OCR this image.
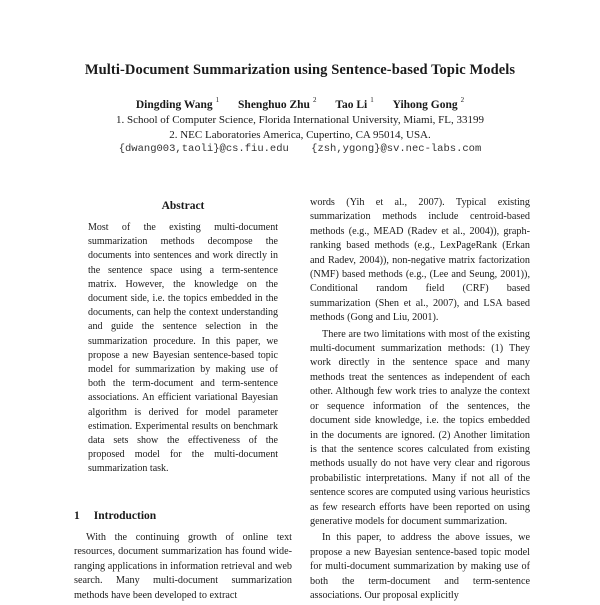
Multi-Document Summarization using Sentence-based Topic Models
Dingding Wang $^1$ Shenghuo Zhu $^2$ Tao Li $^1$ Yihong Gong $^2$
1. School of Computer Science, Florida International University, Miami, FL, 33199
2. NEC Laboratories America, Cupertino, CA 95014, USA.
{dwang003,taoli}@cs.fiu.edu {zsh,ygong}@sv.nec-labs.com
Abstract
Most of the existing multi-document summarization methods decompose the documents into sentences and work directly in the sentence space using a term-sentence matrix. However, the knowledge on the document side, i.e. the topics embedded in the documents, can help the context understanding and guide the sentence selection in the summarization procedure. In this paper, we propose a new Bayesian sentence-based topic model for summarization by making use of both the term-document and term-sentence associations. An efficient variational Bayesian algorithm is derived for model parameter estimation. Experimental results on benchmark data sets show the effectiveness of the proposed model for the multi-document summarization task.
1 Introduction
With the continuing growth of online text resources, document summarization has found wide-ranging applications in information retrieval and web search. Many multi-document summarization methods have been developed to extract

words (Yih et al., 2007). Typical existing summarization methods include centroid-based methods (e.g., MEAD (Radev et al., 2004)), graph-ranking based methods (e.g., LexPageRank (Erkan and Radev, 2004)), non-negative matrix factorization (NMF) based methods (e.g., (Lee and Seung, 2001)), Conditional random field (CRF) based summarization (Shen et al., 2007), and LSA based methods (Gong and Liu, 2001).

There are two limitations with most of the existing multi-document summarization methods: (1) They work directly in the sentence space and many methods treat the sentences as independent of each other. Although few work tries to analyze the context or sequence information of the sentences, the document side knowledge, i.e. the topics embedded in the documents are ignored. (2) Another limitation is that the sentence scores calculated from existing methods usually do not have very clear and rigorous probabilistic interpretations. Many if not all of the sentence scores are computed using various heuristics as few research efforts have been reported on using generative models for document summarization.

In this paper, to address the above issues, we propose a new Bayesian sentence-based topic model for multi-document summarization by making use of both the term-document and term-sentence associations. Our proposal explicitly
